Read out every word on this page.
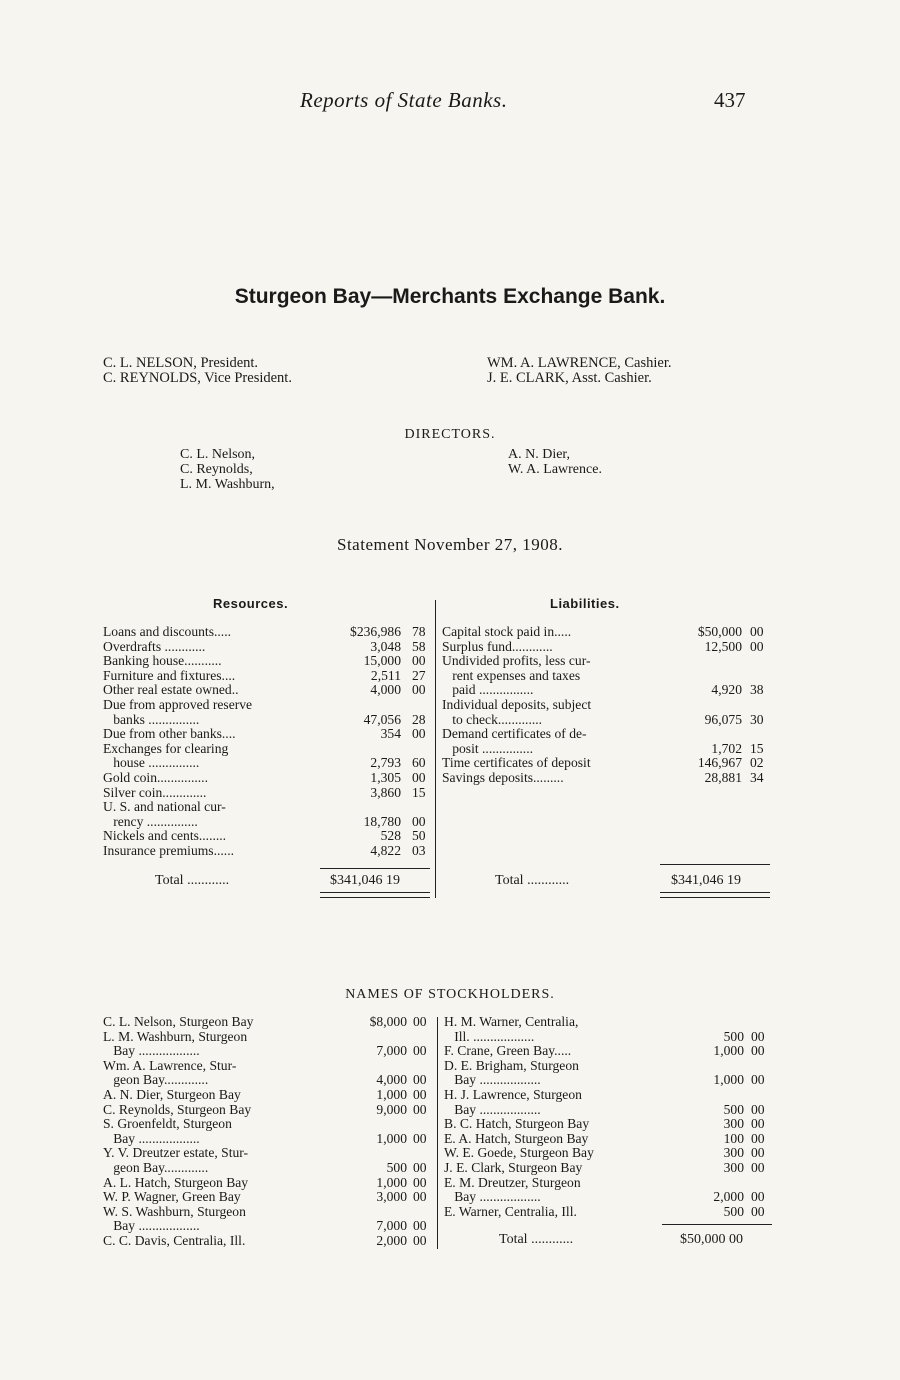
Reports of State Banks.	437
Sturgeon Bay—Merchants Exchange Bank.
C. L. NELSON, President.
C. REYNOLDS, Vice President.
WM. A. LAWRENCE, Cashier.
J. E. CLARK, Asst. Cashier.
DIRECTORS.
C. L. Nelson,
C. Reynolds,
L. M. Washburn,
A. N. Dier,
W. A. Lawrence.
Statement November 27, 1908.
Resources.	Liabilities.
Loans and discounts.....	$236,986 78
Overdrafts ............	3,048 58
Banking house...........	15,000 00
Furniture and fixtures....	2,511 27
Other real estate owned..	4,000 00
Due from approved reserve
banks ...............	47,056 28
Due from other banks....	354 00
Exchanges for clearing
house ...............	2,793 60
Gold coin...............	1,305 00
Silver coin.............	3,860 15
U. S. and national cur-
rency ...............	18,780 00
Nickels and cents........	528 50
Insurance premiums......	4,822 03
Capital stock paid in.....	$50,000 00
Surplus fund............	12,500 00
Undivided profits, less cur-
rent expenses and taxes
paid ................	4,920 38
Individual deposits, subject
to check.............	96,075 30
Demand certificates of de-
posit ...............	1,702 15
Time certificates of deposit	146,967 02
Savings deposits.........	28,881 34
Total ............	$341,046 19	Total ............	$341,046 19
NAMES OF STOCKHOLDERS.
C. L. Nelson, Sturgeon Bay	$8,000 00
L. M. Washburn, Sturgeon
Bay ..................	7,000 00
Wm. A. Lawrence, Stur-
geon Bay.............	4,000 00
A. N. Dier, Sturgeon Bay	1,000 00
C. Reynolds, Sturgeon Bay	9,000 00
S. Groenfeldt, Sturgeon
Bay ..................	1,000 00
Y. V. Dreutzer estate, Stur-
geon Bay.............	500 00
A. L. Hatch, Sturgeon Bay	1,000 00
W. P. Wagner, Green Bay	3,000 00
W. S. Washburn, Sturgeon
Bay ..................	7,000 00
C. C. Davis, Centralia, Ill.	2,000 00
H. M. Warner, Centralia,
Ill. ..................	500 00
F. Crane, Green Bay.....	1,000 00
D. E. Brigham, Sturgeon
Bay ..................	1,000 00
H. J. Lawrence, Sturgeon
Bay ..................	500 00
B. C. Hatch, Sturgeon Bay	300 00
E. A. Hatch, Sturgeon Bay	100 00
W. E. Goede, Sturgeon Bay	300 00
J. E. Clark, Sturgeon Bay	300 00
E. M. Dreutzer, Sturgeon
Bay ..................	2,000 00
E. Warner, Centralia, Ill.	500 00
Total ............	$50,000 00
